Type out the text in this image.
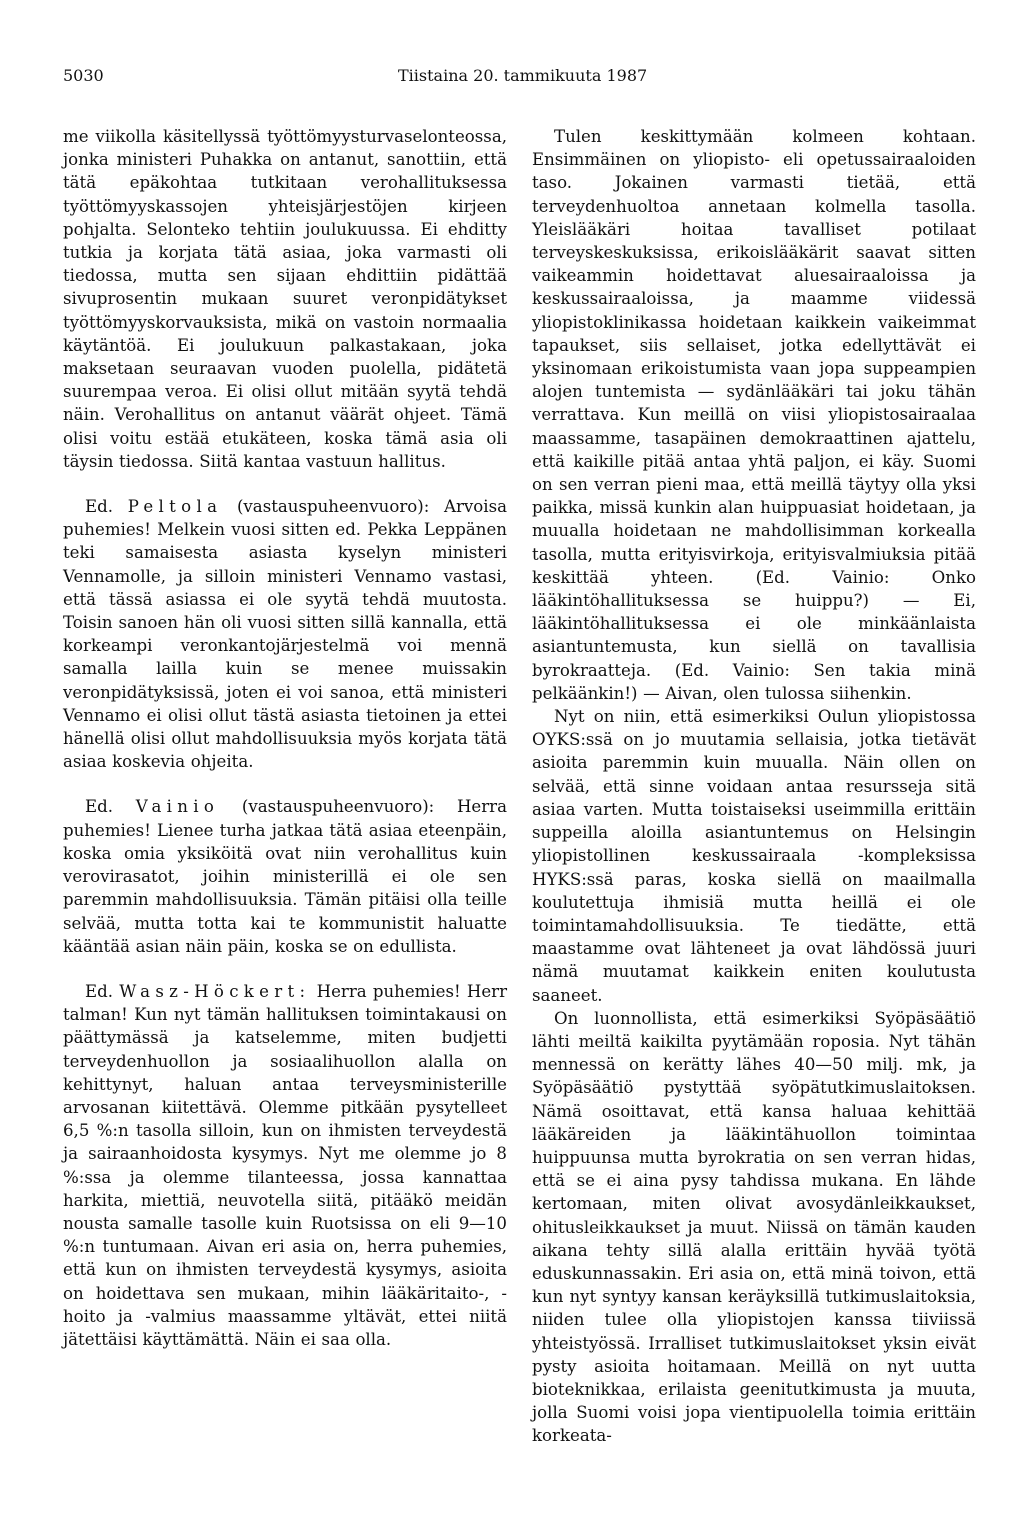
5030	Tiistaina 20. tammikuuta 1987

me viikolla käsitellyssä työttömyysturvaselonteossa, jonka ministeri Puhakka on antanut, sanottiin, että tätä epäkohtaa tutkitaan verohallituksessa työttömyyskassojen yhteisjärjestöjen kirjeen pohjalta. Selonteko tehtiin joulukuussa. Ei ehditty tutkia ja korjata tätä asiaa, joka varmasti oli tiedossa, mutta sen sijaan ehdittiin pidättää sivuprosentin mukaan suuret veronpidätykset työttömyyskorvauksista, mikä on vastoin normaalia käytäntöä. Ei joulukuun palkastakaan, joka maksetaan seuraavan vuoden puolella, pidätetä suurempaa veroa. Ei olisi ollut mitään syytä tehdä näin. Verohallitus on antanut väärät ohjeet. Tämä olisi voitu estää etukäteen, koska tämä asia oli täysin tiedossa. Siitä kantaa vastuun hallitus.

Ed. Peltola (vastauspuheenvuoro): Arvoisa puhemies! Melkein vuosi sitten ed. Pekka Leppänen teki samaisesta asiasta kyselyn ministeri Vennamolle, ja silloin ministeri Vennamo vastasi, että tässä asiassa ei ole syytä tehdä muutosta. Toisin sanoen hän oli vuosi sitten sillä kannalla, että korkeampi veronkantojärjestelmä voi mennä samalla lailla kuin se menee muissakin veronpidätyksissä, joten ei voi sanoa, että ministeri Vennamo ei olisi ollut tästä asiasta tietoinen ja ettei hänellä olisi ollut mahdollisuuksia myös korjata tätä asiaa koskevia ohjeita.

Ed. Vainio (vastauspuheenvuoro): Herra puhemies! Lienee turha jatkaa tätä asiaa eteenpäin, koska omia yksiköitä ovat niin verohallitus kuin verovirasatot, joihin ministerillä ei ole sen paremmin mahdollisuuksia. Tämän pitäisi olla teille selvää, mutta totta kai te kommunistit haluatte kääntää asian näin päin, koska se on edullista.

Ed. Wasz-Höckert: Herra puhemies! Herr talman! Kun nyt tämän hallituksen toimintakausi on päättymässä ja katselemme, miten budjetti terveydenhuollon ja sosiaalihuollon alalla on kehittynyt, haluan antaa terveysministerille arvosanan kiitettävä. Olemme pitkään pysytelleet 6,5 %:n tasolla silloin, kun on ihmisten terveydestä ja sairaanhoidosta kysymys. Nyt me olemme jo 8 %:ssa ja olemme tilanteessa, jossa kannattaa harkita, miettiä, neuvotella siitä, pitääkö meidän nousta samalle tasolle kuin Ruotsissa on eli 9—10 %:n tuntumaan. Aivan eri asia on, herra puhemies, että kun on ihmisten terveydestä kysymys, asioita on hoidettava sen mukaan, mihin lääkäritaito-, -hoito ja -valmius maassamme yltävät, ettei niitä jätettäisi käyttämättä. Näin ei saa olla.

Tulen keskittymään kolmeen kohtaan. Ensimmäinen on yliopisto- eli opetussairaaloiden taso. Jokainen varmasti tietää, että terveydenhuoltoa annetaan kolmella tasolla. Yleislääkäri hoitaa tavalliset potilaat terveyskeskuksissa, erikoislääkärit saavat sitten vaikeammin hoidettavat aluesairaaloissa ja keskussairaaloissa, ja maamme viidessä yliopistoklinikassa hoidetaan kaikkein vaikeimmat tapaukset, siis sellaiset, jotka edellyttävät ei yksinomaan erikoistumista vaan jopa suppeampien alojen tuntemista — sydänlääkäri tai joku tähän verrattava. Kun meillä on viisi yliopistosairaalaa maassamme, tasapäinen demokraattinen ajattelu, että kaikille pitää antaa yhtä paljon, ei käy. Suomi on sen verran pieni maa, että meillä täytyy olla yksi paikka, missä kunkin alan huippuasiat hoidetaan, ja muualla hoidetaan ne mahdollisimman korkealla tasolla, mutta erityisvirkoja, erityisvalmiuksia pitää keskittää yhteen. (Ed. Vainio: Onko lääkintöhallituksessa se huippu?) — Ei, lääkintöhallituksessa ei ole minkäänlaista asiantuntemusta, kun siellä on tavallisia byrokraatteja. (Ed. Vainio: Sen takia minä pelkäänkin!) — Aivan, olen tulossa siihenkin.

Nyt on niin, että esimerkiksi Oulun yliopistossa OYKS:ssä on jo muutamia sellaisia, jotka tietävät asioita paremmin kuin muualla. Näin ollen on selvää, että sinne voidaan antaa resursseja sitä asiaa varten. Mutta toistaiseksi useimmilla erittäin suppeilla aloilla asiantuntemus on Helsingin yliopistollinen keskussairaala -kompleksissa HYKS:ssä paras, koska siellä on maailmalla koulutettuja ihmisiä mutta heillä ei ole toimintamahdollisuuksia. Te tiedätte, että maastamme ovat lähteneet ja ovat lähdössä juuri nämä muutamat kaikkein eniten koulutusta saaneet.

On luonnollista, että esimerkiksi Syöpäsäätiö lähti meiltä kaikilta pyytämään roposia. Nyt tähän mennessä on kerätty lähes 40—50 milj. mk, ja Syöpäsäätiö pystyttää syöpätutkimuslaitoksen. Nämä osoittavat, että kansa haluaa kehittää lääkäreiden ja lääkintähuollon toimintaa huippuunsa mutta byrokratia on sen verran hidas, että se ei aina pysy tahdissa mukana. En lähde kertomaan, miten olivat avosydänleikkaukset, ohitusleikkaukset ja muut. Niissä on tämän kauden aikana tehty sillä alalla erittäin hyvää työtä eduskunnassakin. Eri asia on, että minä toivon, että kun nyt syntyy kansan keräyksillä tutkimuslaitoksia, niiden tulee olla yliopistojen kanssa tiiviissä yhteistyössä. Irralliset tutkimuslaitokset yksin eivät pysty asioita hoitamaan. Meillä on nyt uutta bioteknikkaa, erilaista geenitutkimusta ja muuta, jolla Suomi voisi jopa vientipuolella toimia erittäin korkeata-
